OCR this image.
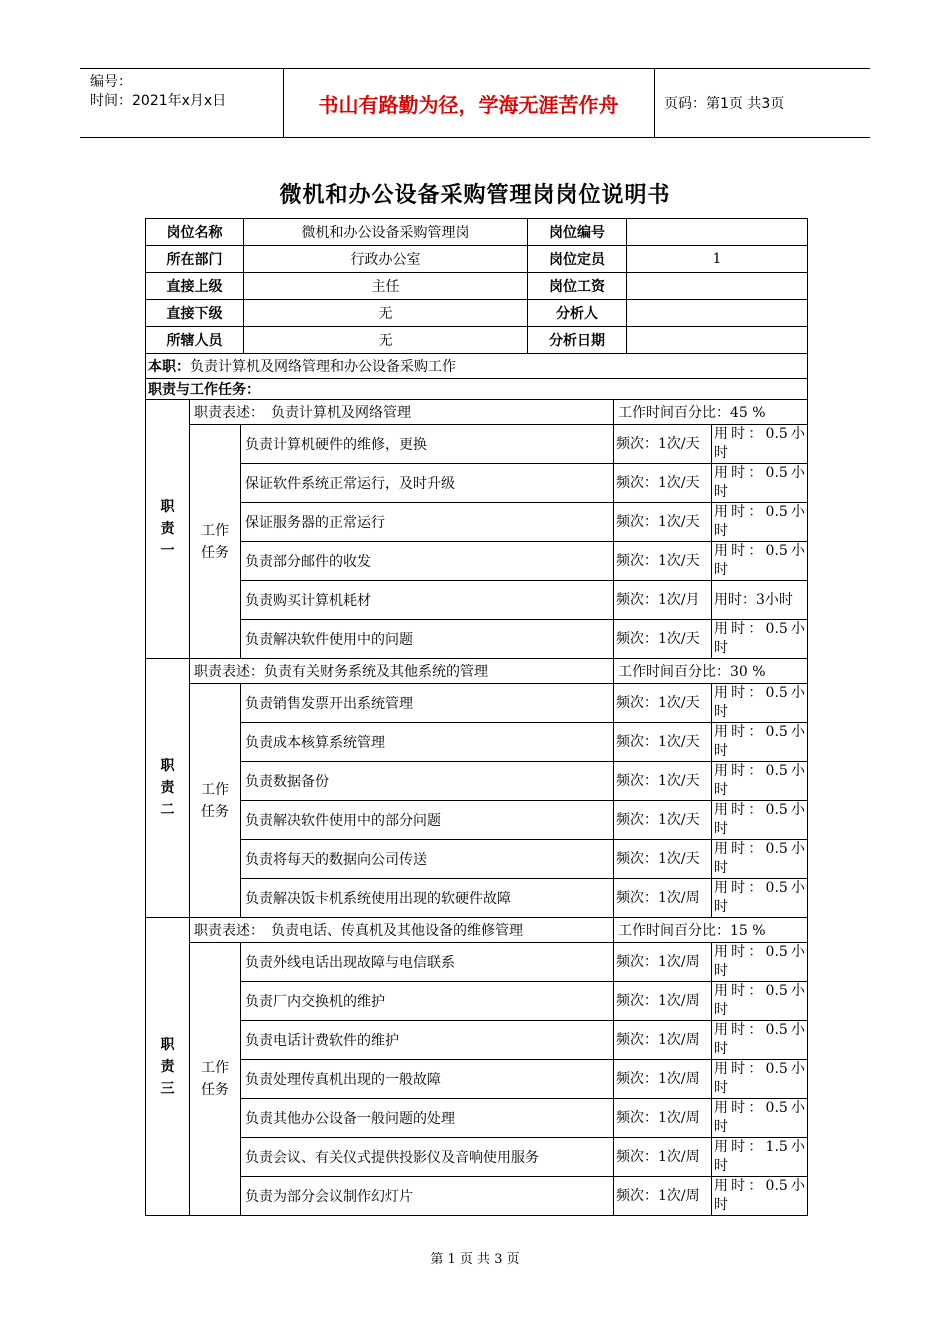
编号：
时间：2021年x月x日	书山有路勤为径，学海无涯苦作舟	页码：第1页 共3页
微机和办公设备采购管理岗岗位说明书
岗位名称	微机和办公设备采购管理岗	岗位编号	

所在部门	行政办公室	岗位定员	1

直接上级	主任	岗位工资	

直接下级	无	分析人	

所辖人员	无	分析日期	

本职：负责计算机及网络管理和办公设备采购工作
职责与工作任务：
职责一	职责表述：　负责计算机及网络管理	工作时间百分比：45 %
工作任务	负责计算机硬件的维修，更换	频次：1次/天	用时：0.5小时
保证软件系统正常运行，及时升级	频次：1次/天	用时：0.5小时
保证服务器的正常运行	频次：1次/天	用时：0.5小时
负责部分邮件的收发	频次：1次/天	用时：0.5小时
负责购买计算机耗材	频次：1次/月	用时：3小时
负责解决软件使用中的问题	频次：1次/天	用时：0.5小时
职责二	职责表述：负责有关财务系统及其他系统的管理	工作时间百分比：30 %
工作任务	负责销售发票开出系统管理	频次：1次/天	用时：0.5小时
负责成本核算系统管理	频次：1次/天	用时：0.5小时
负责数据备份	频次：1次/天	用时：0.5小时
负责解决软件使用中的部分问题	频次：1次/天	用时：0.5小时
负责将每天的数据向公司传送	频次：1次/天	用时：0.5小时
负责解决饭卡机系统使用出现的软硬件故障	频次：1次/周	用时：0.5小时
职责三	职责表述：　负责电话、传真机及其他设备的维修管理	工作时间百分比：15 %
工作任务	负责外线电话出现故障与电信联系	频次：1次/周	用时：0.5小时
负责厂内交换机的维护	频次：1次/周	用时：0.5小时
负责电话计费软件的维护	频次：1次/周	用时：0.5小时
负责处理传真机出现的一般故障	频次：1次/周	用时：0.5小时
负责其他办公设备一般问题的处理	频次：1次/周	用时：0.5小时
负责会议、有关仪式提供投影仪及音响使用服务	频次：1次/周	用时：1.5小时
负责为部分会议制作幻灯片	频次：1次/周	用时：0.5小时
第 1 页 共 3 页
